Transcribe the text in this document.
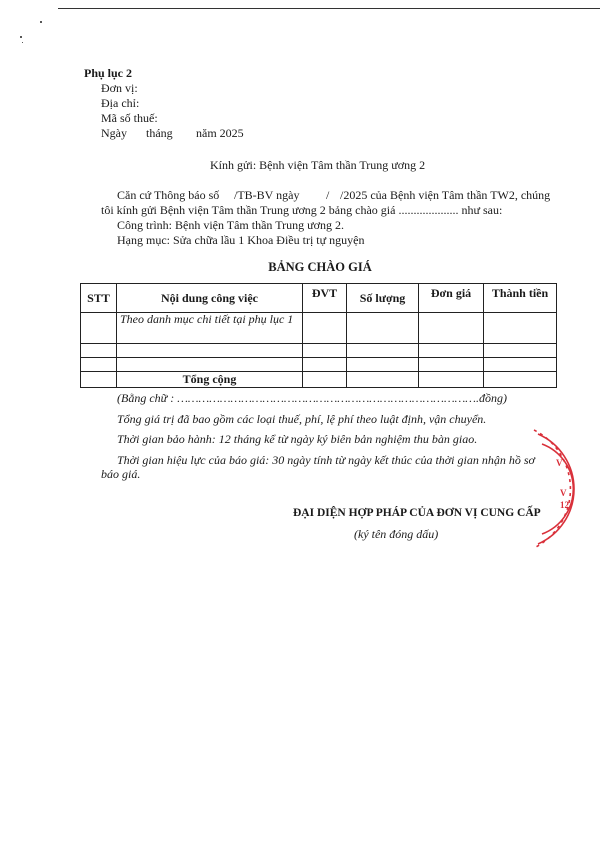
Phụ lục 2
Đơn vị:
Địa chỉ:
Mã số thuế:
Ngày tháng năm 2025
Kính gửi: Bệnh viện Tâm thần Trung ương 2
Căn cứ Thông báo số /TB-BV ngày / /2025 của Bệnh viện Tâm thần TW2, chúng
tôi kính gửi Bệnh viện Tâm thần Trung ương 2 bảng chào giá .................... như sau:
Công trình: Bệnh viện Tâm thần Trung ương 2.
Hạng mục: Sửa chữa lầu 1 Khoa Điều trị tự nguyện
BẢNG CHÀO GIÁ
STT	Nội dung công việc	ĐVT	Số lượng	Đơn giá	Thành tiền
	Theo danh mục chi tiết tại phụ lục 1				

	Tổng cộng				
(Bằng chữ : ………………………………………………………………………….đồng)
Tổng giá trị đã bao gồm các loại thuế, phí, lệ phí theo luật định, vận chuyển.
Thời gian bảo hành: 12 tháng kể từ ngày ký biên bản nghiệm thu bàn giao.
Thời gian hiệu lực của báo giá: 30 ngày tính từ ngày kết thúc của thời gian nhận hồ sơ
báo giá.
ĐẠI DIỆN HỢP PHÁP CỦA ĐƠN VỊ CUNG CẤP
(ký tên đóng dấu)
V
V
12
